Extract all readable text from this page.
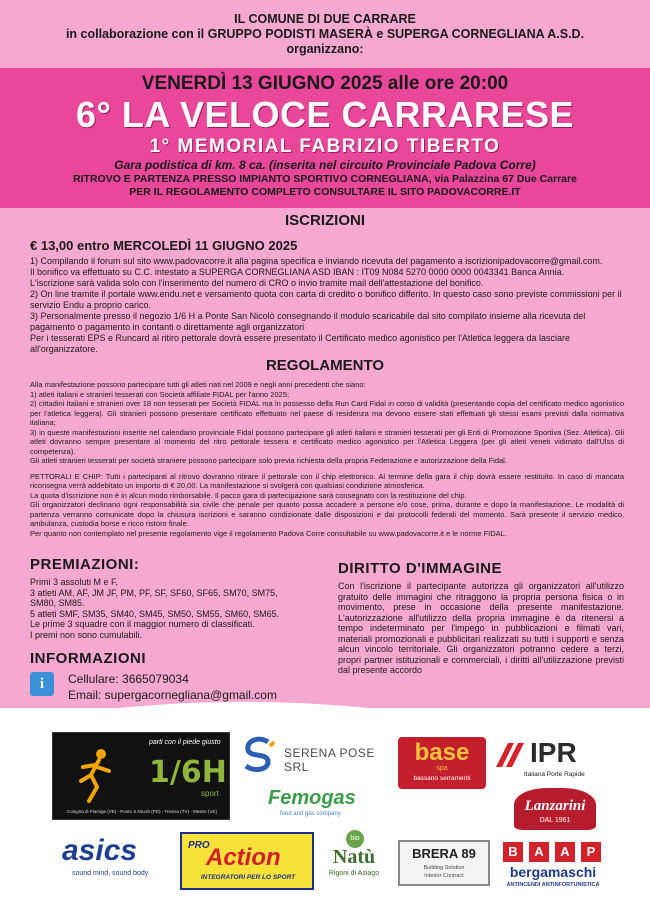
IL COMUNE DI DUE CARRARE
in collaborazione con il GRUPPO PODISTI MASERÀ e SUPERGA CORNEGLIANA A.S.D.
organizzano:
VENERDÌ 13 GIUGNO 2025 alle ore 20:00
6° LA VELOCE CARRARESE
1° MEMORIAL FABRIZIO TIBERTO
Gara podistica di km. 8 ca. (inserita nel circuito Provinciale Padova Corre)
RITROVO E PARTENZA PRESSO IMPIANTO SPORTIVO CORNEGLIANA, via Palazzina 67 Due Carrare
PER IL REGOLAMENTO COMPLETO CONSULTARE IL SITO PADOVACORRE.IT
ISCRIZIONI
€ 13,00 entro MERCOLEDÌ 11 GIUGNO 2025

1) Compilando il forum sul sito www.padovacorre.it alla pagina specifica e inviando ricevuta del pagamento a iscrizionipadovacorre@gmail.com.

Il bonifico va effettuato su C.C. intestato a SUPERGA CORNEGLIANA ASD IBAN : IT09 N084 5270 0000 0000 0043341 Banca Annia.

L'iscrizione sarà valida solo con l'inserimento del numero di CRO o invio tramite mail dell'attestazione del bonifico.

2) On line tramite il portale www.endu.net e versamento quota con carta di credito o bonifico differito. In questo caso sono previste commissioni per il servizio Endu a proprio carico.

3) Personalmente presso il negozio 1/6 H a Ponte San Nicolò consegnando il modulo scaricabile dal sito compilato insieme alla ricevuta del pagamento o pagamento in contanti o direttamente agli organizzatori

Per i tesserati EPS e Runcard al ritiro pettorale dovrà essere presentato il Certificato medico agonistico per l'Atletica leggera da lasciare all'organizzatore.

REGOLAMENTO

Alla manifestazione possono partecipare tutti gli atleti nati nel 2009 e negli anni precedenti che siano:

1) atleti italiani e stranieri tesserati con Società affiliate FIDAL per l'anno 2025;

2) cittadini Italiani e stranieri over 18 non tesserati per Società FIDAL ma in possesso della Run Card Fidal in corso di validità (presentando copia del certificato medico agonistico per l'atletica leggera). Gli stranieri possono presentare certificato effettuato nel paese di residenza ma devono essere stati effettuati gli stessi esami previsti dalla normativa italiana;

3) in queste manifestazioni inserite nel calendario provinciale Fidal possono partecipare gli atleti italiani e stranieri tesserati per gli Enti di Promozione Sportiva (Sez. Atletica). Gli atleti dovranno sempre presentare al momento del ritro pettorale tessera e certificato medico agonistico per l'Atletica Leggera (per gli atleti veneti vidimato dall'Ulss di competenza).

Gli atleti stranieri tesserati per società straniere possono partecipare solo previa richiesta della propria Federazione e autorizzazione della Fidal.

PETTORALI E CHIP: Tutti i partecipanti al ritrovo dovranno ritirare il pettorale con il chip elettronico. Al termine della gara il chip dovrà essere restituito. In caso di mancata riconsegna verrà addebitato un importo di € 20,00. La manifestazione si svolgerà con qualsiasi condizione atmosferica.

La quota d'iscrizione non è in alcun modo rimborsabile. Il pacco gara di partecipazione sarà consegnato con la restituzione del chip.

Gli organizzatori declinano ogni responsabilità sia civile che penale per quanto possa accadere a persone e/o cose, prima, durante e dopo la manifestazione. Le modalità di partenza verranno comunicate dopo la chiusura iscrizioni e saranno condizionate dalle disposizioni e dai protocolli federali del momento. Sarà presente il servizio medico, ambulanza, custodia borse e ricco ristoro finale.

Per quanto non contemplato nel presente regolamento vige il regolamento Padova Corre consultabile su www.padovacorre.it e le norme FIDAL.

PREMIAZIONI:

Primi 3 assoluti M e F,

3 atleti AM, AF, JM JF, PM, PF, SF, SF60, SF65, SM70, SM75, SM80, SM85.

5 atleti SMF, SM35, SM40, SM45, SM50, SM55, SM60, SM65.

Le prime 3 squadre con il maggior numero di classificati.

I premi non sono cumulabili.

DIRITTO D'IMMAGINE
Con l'iscrizione il partecipante autorizza gli organizzatori all'utilizzo gratuito delle immagini che ritraggono la propria persona fisica o in movimento, prese in occasione della presente manifestazione. L'autorizzazione all'utilizzo della propria immagine è da ritenersi a tempo indeterminato per l'impego in pubblicazioni e filmati vari, materiali promozionali e pubblicitari realizzati su tutti i supporti e senza alcun vincolo territoriale. Gli organizzatori potranno cedere a terzi, propri partner istituzionali e commerciali, i diritti all'utilizzazione previsti dal presente accordo
INFORMAZIONI
i	Cellulare: 3665079034
Email: supergacornegliana@gmail.com
parti con il piede giusto
1/6H
sport
Cologna di Piamige (VE) - Ponte S.Nicolò (PD) - Treviso (TV) - Mestre (VE)
SERENA POSE SRL
Femogas
food and gas company
base
spa
bassano serramenti
IPR
Italiana Porte Rapide
Lanzarini
DAL 1961
asics
sound mind, sound body
PRO
Action
INTEGRATORI PER LO SPORT
bio
Natù
Rigoni di Asiago
BRERA 89
Building Solution
Interior Contract
B	A	A	P
bergamaschi
ANTINCENDI ANTINFORTUNISTICA
